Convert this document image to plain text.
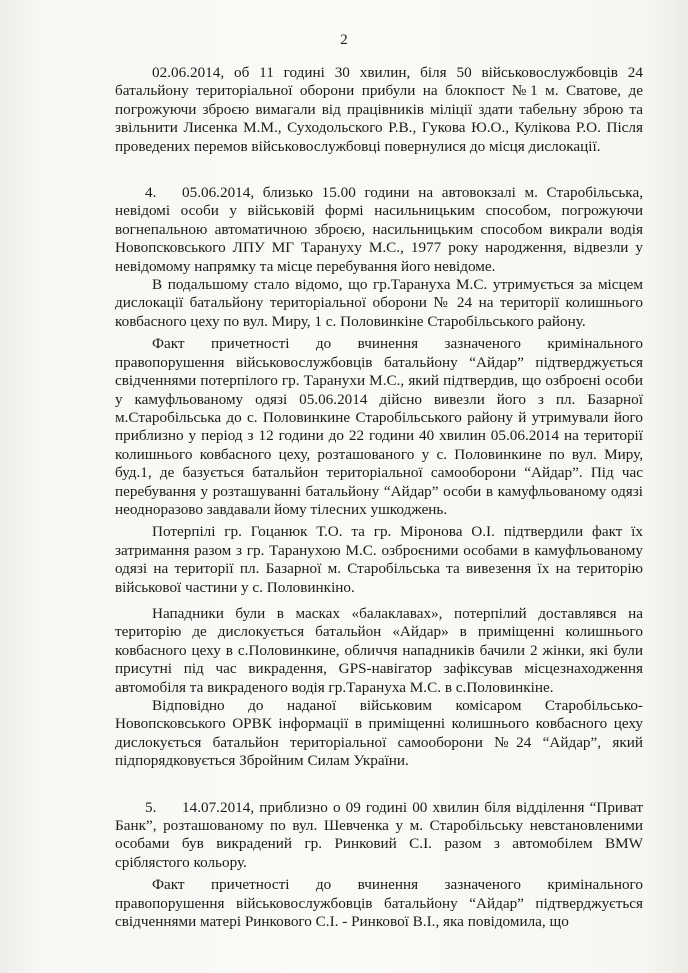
2

02.06.2014, об 11 годині 30 хвилин, біля 50 військовослужбовців 24 батальйону територіальної оборони прибули на блокпост №1 м. Сватове, де погрожуючи зброєю вимагали від працівників міліції здати табельну зброю та звільнити Лисенка М.М., Суходольского Р.В., Гукова Ю.О., Кулікова Р.О. Після проведених перемов військовослужбовці повернулися до місця дислокації.

4. 05.06.2014, близько 15.00 години на автовокзалі м. Старобільська, невідомі особи у військовій формі насильницьким способом, погрожуючи вогнепальною автоматичною зброєю, насильницьким способом викрали водія Новопсковського ЛПУ МГ Таранухy М.С., 1977 року народження, відвезли у невідомому напрямку та місце перебування його невідоме.

В подальшому стало відомо, що гр.Тарануха М.С. утримується за місцем дислокації батальйону територіальної оборони № 24 на території колишнього ковбасного цеху по вул. Миру, 1 с. Половинкіне Старобільського району.

Факт причетності до вчинення зазначеного кримінального правопорушення військовослужбовців батальйону “Айдар” підтверджується свідченнями потерпілого гр. Таранухи М.С., який підтвердив, що озброєні особи у камуфльованому одязі 05.06.2014 дійсно вивезли його з пл. Базарної м.Старобільська до с. Половинкине Старобільського району й утримували його приблизно у період з 12 години до 22 години 40 хвилин 05.06.2014 на території колишнього ковбасного цеху, розташованого у с. Половинкине по вул. Миру, буд.1, де базується батальйон територіальної самооборони “Айдар”. Під час перебування у розташуванні батальйону “Айдар” особи в камуфльованому одязі неодноразово завдавали йому тілесних ушкоджень.

Потерпілі гр. Гоцанюк Т.О. та гр. Міронова О.І. підтвердили факт їх затримання разом з гр. Таранухою М.С. озброєними особами в камуфльованому одязі на території пл. Базарної м. Старобільська та вивезення їх на територію військової частини у с. Половинкіно.

Нападники були в масках «балаклавах», потерпілий доставлявся на територію де дислокується батальйон «Айдар» в приміщенні колишнього ковбасного цеху в с.Половинкине, обличчя нападників бачили 2 жінки, які були присутні під час викрадення, GPS-навігатор зафіксував місцезнаходження автомобіля та викраденого водія гр.Тарануха М.С. в с.Половинкіне.

Відповідно до наданої військовим комісаром Старобільсько-Новопсковського ОРВК інформації в приміщенні колишнього ковбасного цеху дислокується батальйон територіальної самооборони №24 “Айдар”, який підпорядковується Збройним Силам України.

5. 14.07.2014, приблизно о 09 годині 00 хвилин біля відділення “Приват Банк”, розташованому по вул. Шевченка у м. Старобільську невстановленими особами був викрадений гр. Ринковий С.І. разом з автомобілем BMW сріблястого кольору.

Факт причетності до вчинення зазначеного кримінального правопорушення військовослужбовців батальйону “Айдар” підтверджується свідченнями матері Ринкового С.І. - Ринкової В.І., яка повідомила, що
